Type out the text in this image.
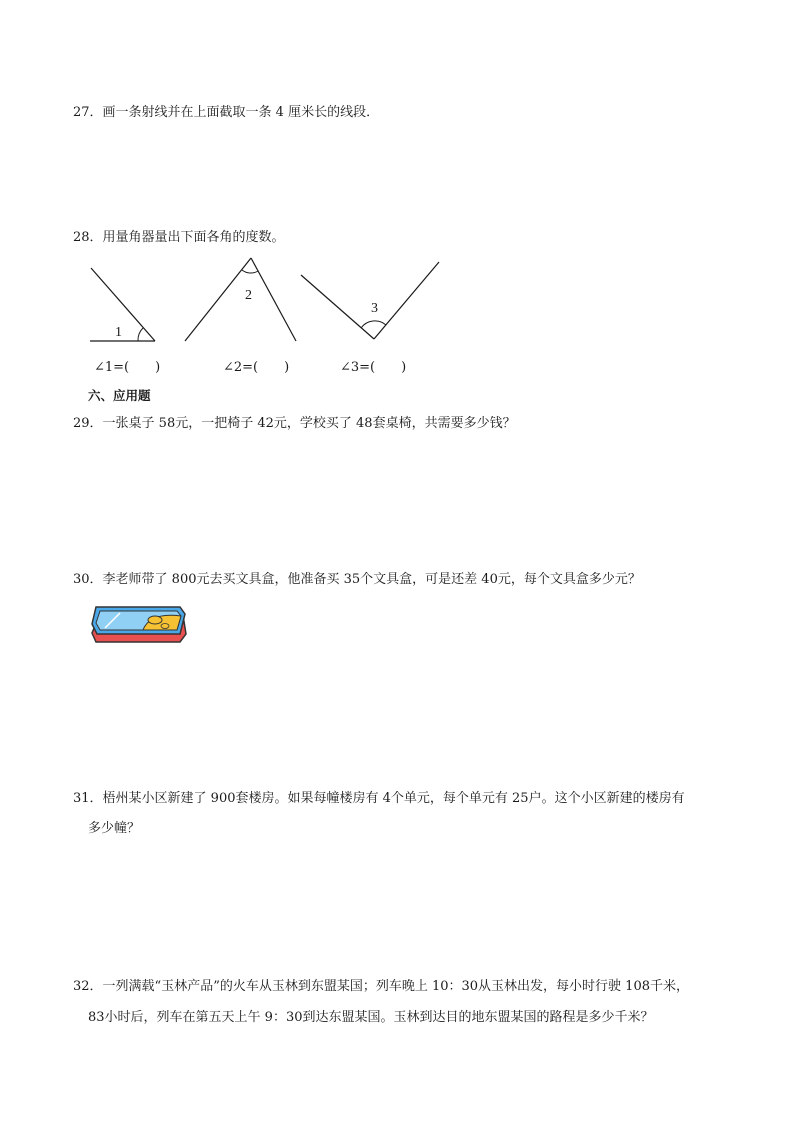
27．画一条射线并在上面截取一条 4 厘米长的线段．
28．用量角器量出下面各角的度数。
1
2
3
∠1=(　　)	∠2=(　　)	∠3=(　　)
六、应用题
29．一张桌子 58元，一把椅子 42元，学校买了 48套桌椅，共需要多少钱？
30．李老师带了 800元去买文具盒，他准备买 35个文具盒，可是还差 40元，每个文具盒多少元？
31．梧州某小区新建了 900套楼房。如果每幢楼房有 4个单元，每个单元有 25户。这个小区新建的楼房有
多少幢？
32．一列满载“玉林产品”的火车从玉林到东盟某国；列车晚上 10：30从玉林出发，每小时行驶 108千米，
83小时后，列车在第五天上午 9：30到达东盟某国。玉林到达目的地东盟某国的路程是多少千米？
